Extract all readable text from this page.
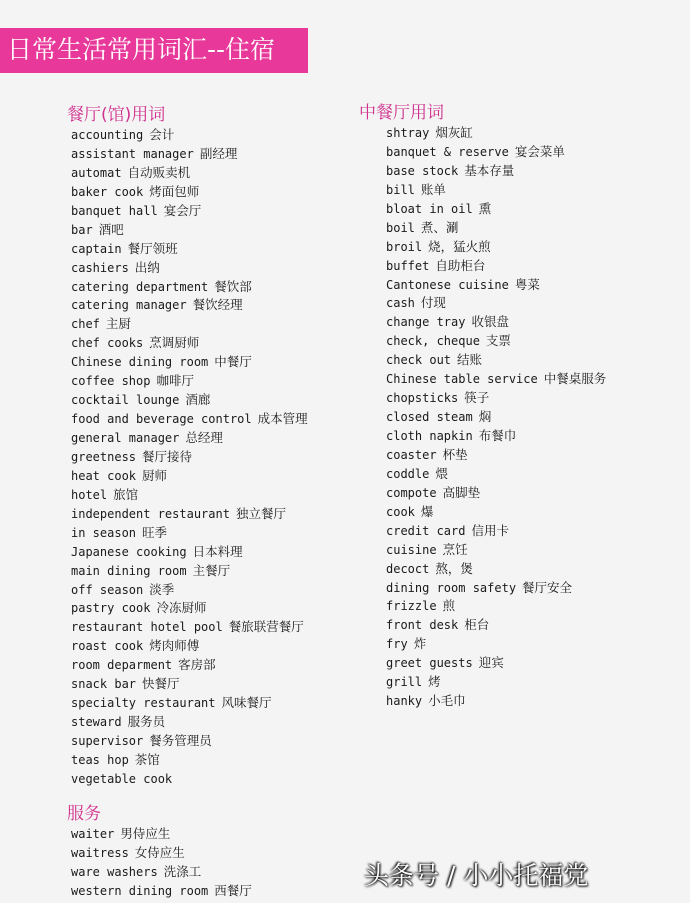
日常生活常用词汇--住宿
餐厅(馆)用词
accounting 会计
assistant manager 副经理
automat 自动贩卖机
baker cook 烤面包师
banquet hall 宴会厅
bar 酒吧
captain 餐厅领班
cashiers 出纳
catering department 餐饮部
catering manager 餐饮经理
chef 主厨
chef cooks 烹调厨师
Chinese dining room 中餐厅
coffee shop 咖啡厅
cocktail lounge 酒廊
food and beverage control 成本管理
general manager 总经理
greetness 餐厅接待
heat cook 厨师
hotel 旅馆
independent restaurant 独立餐厅
in season 旺季
Japanese cooking 日本料理
main dining room 主餐厅
off season 淡季
pastry cook 冷冻厨师
restaurant hotel pool 餐旅联营餐厅
roast cook 烤肉师傅
room deparment 客房部
snack bar 快餐厅
specialty restaurant 风味餐厅
steward 服务员
supervisor 餐务管理员
teas hop 茶馆
vegetable cook
服务
waiter 男侍应生
waitress 女侍应生
ware washers 洗涤工
western dining room 西餐厅
中餐厅用词
shtray 烟灰缸
banquet & reserve 宴会菜单
base stock 基本存量
bill 账单
bloat in oil 熏
boil 煮、涮
broil 烧，猛火煎
buffet 自助柜台
Cantonese cuisine 粤菜
cash 付现
change tray 收银盘
check, cheque 支票
check out 结账
Chinese table service 中餐桌服务
chopsticks 筷子
closed steam 焖
cloth napkin 布餐巾
coaster 杯垫
coddle 煨
compote 高脚垫
cook 爆
credit card 信用卡
cuisine 烹饪
decoct 熬，煲
dining room safety 餐厅安全
frizzle 煎
front desk 柜台
fry 炸
greet guests 迎宾
grill 烤
hanky 小毛巾
头条号 / 小小托福党
